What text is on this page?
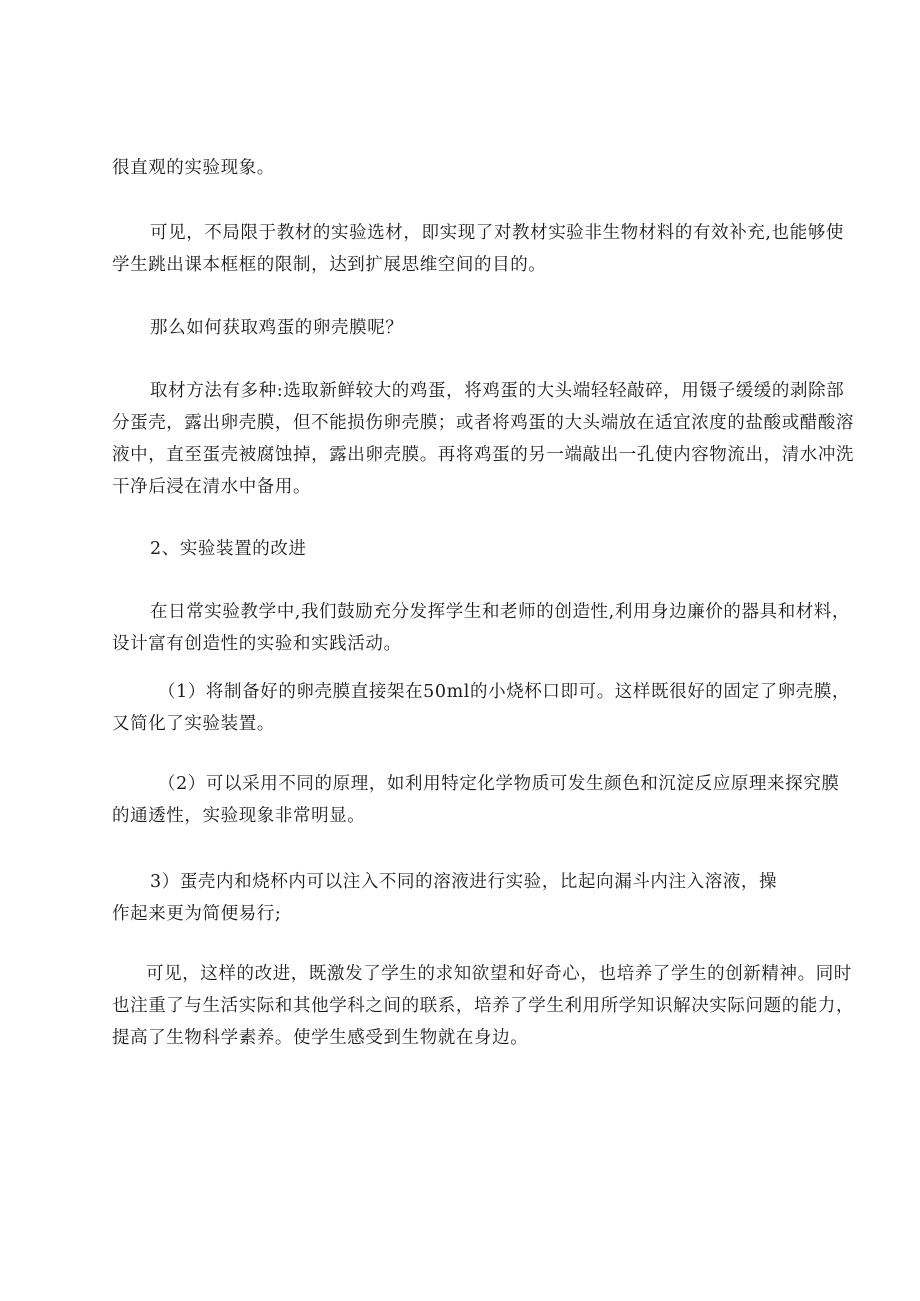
很直观的实验现象。

可见，不局限于教材的实验选材，即实现了对教材实验非生物材料的有效补充,也能够使
学生跳出课本框框的限制，达到扩展思维空间的目的。

那么如何获取鸡蛋的卵壳膜呢？

取材方法有多种:选取新鲜较大的鸡蛋，将鸡蛋的大头端轻轻敲碎，用镊子缓缓的剥除部
分蛋壳，露出卵壳膜，但不能损伤卵壳膜；或者将鸡蛋的大头端放在适宜浓度的盐酸或醋酸溶
液中，直至蛋壳被腐蚀掉，露出卵壳膜。再将鸡蛋的另一端敲出一孔使内容物流出，清水冲洗
干净后浸在清水中备用。

2、实验装置的改进

在日常实验教学中,我们鼓励充分发挥学生和老师的创造性,利用身边廉价的器具和材料，
设计富有创造性的实验和实践活动。

（1）将制备好的卵壳膜直接架在50ml的小烧杯口即可。这样既很好的固定了卵壳膜，
又简化了实验装置。

（2）可以采用不同的原理，如利用特定化学物质可发生颜色和沉淀反应原理来探究膜
的通透性，实验现象非常明显。

3）蛋壳内和烧杯内可以注入不同的溶液进行实验，比起向漏斗内注入溶液，操
作起来更为简便易行;

可见，这样的改进，既激发了学生的求知欲望和好奇心，也培养了学生的创新精神。同时
也注重了与生活实际和其他学科之间的联系，培养了学生利用所学知识解决实际问题的能力，
提高了生物科学素养。使学生感受到生物就在身边。
